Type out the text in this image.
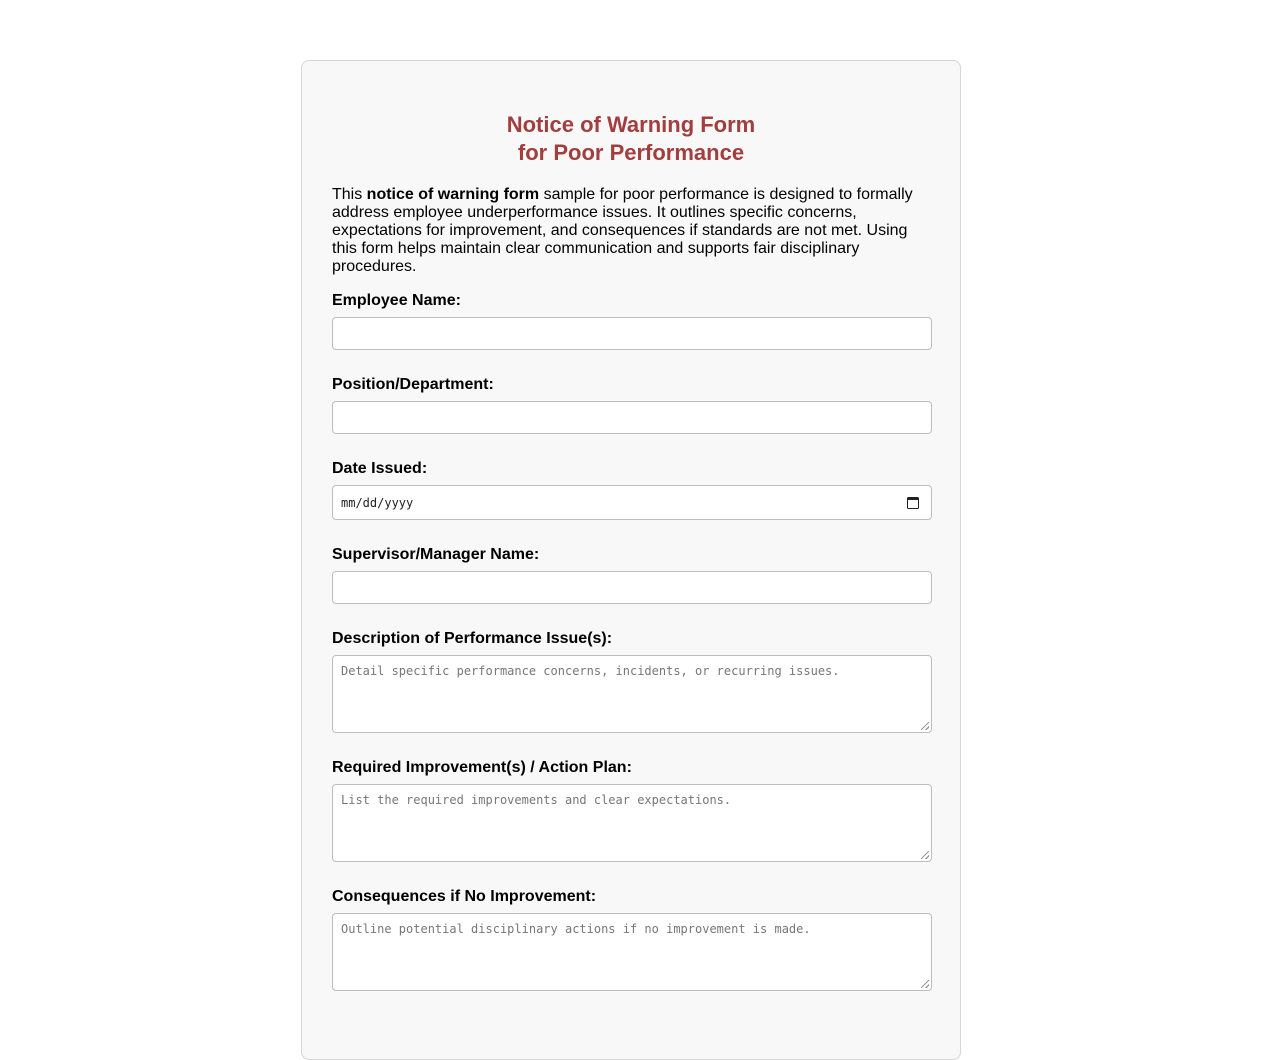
Notice of Warning Form
for Poor Performance

This notice of warning form sample for poor performance is designed to formally address employee underperformance issues. It outlines specific concerns, expectations for improvement, and consequences if standards are not met. Using this form helps maintain clear communication and supports fair disciplinary procedures.

Employee Name:
Position/Department:
Date Issued:
mm/dd/yyyy
Supervisor/Manager Name:
Description of Performance Issue(s):
Detail specific performance concerns, incidents, or recurring issues.
Required Improvement(s) / Action Plan:
List the required improvements and clear expectations.
Consequences if No Improvement:
Outline potential disciplinary actions if no improvement is made.
